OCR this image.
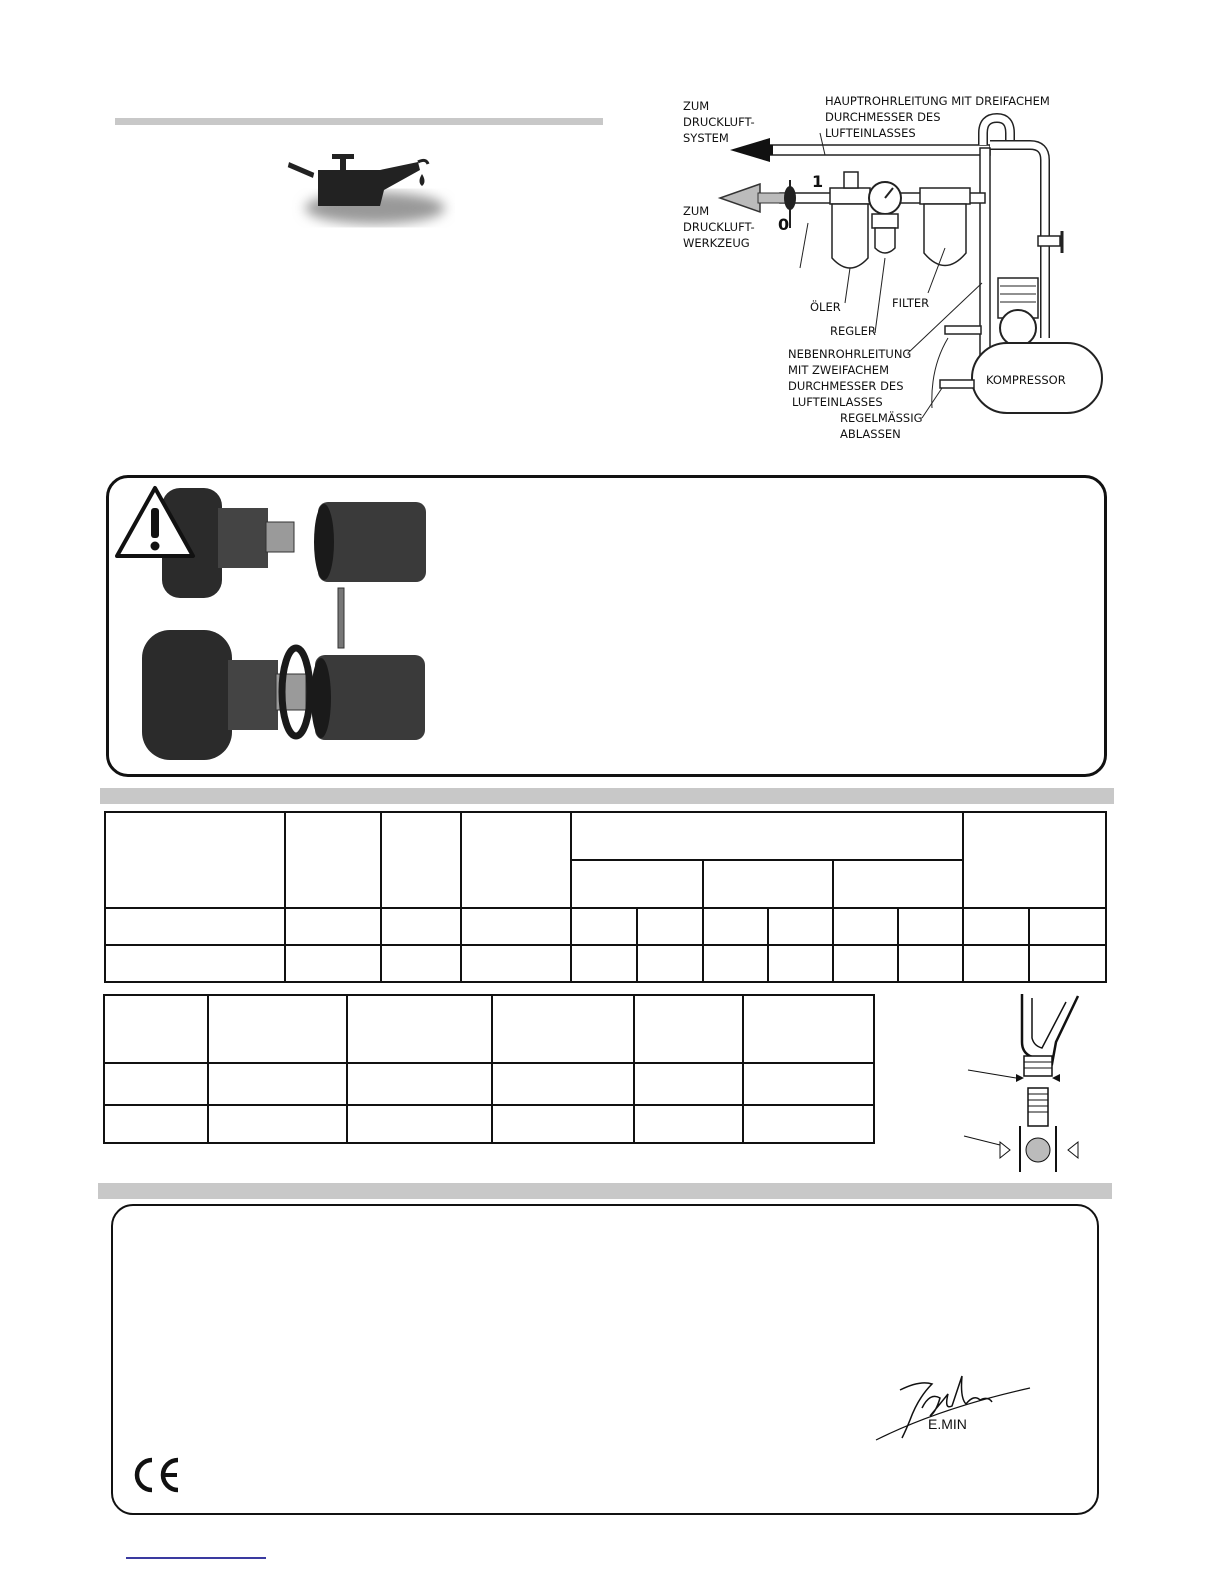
HAUPTROHRLEITUNG MIT DREIFACHEM
DURCHMESSER DES
LUFTEINLASSES
ZUM
DRUCKLUFT-
SYSTEM
ZUM
DRUCKLUFT-
WERKZEUG
1
0
ÖLER	FILTER
REGLER
NEBENROHRLEITUNG
MIT ZWEIFACHEM
DURCHMESSER DES
LUFTEINLASSES
KOMPRESSOR
REGELMÄSSIG
ABLASSEN

E.MIN
